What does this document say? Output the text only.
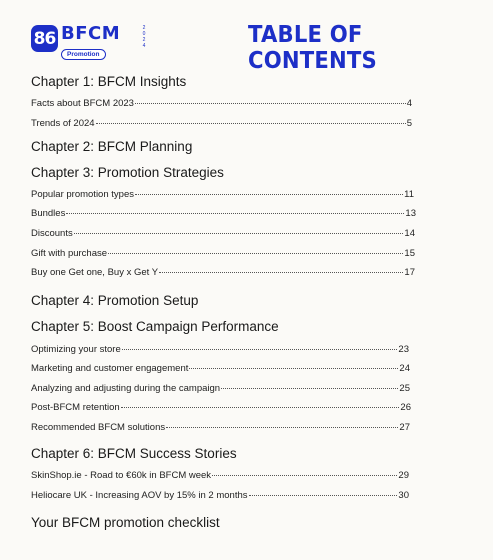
86 BFCM
Promotion
2
0
2
4	TABLE OF CONTENTS
Chapter 1: BFCM Insights
Facts about BFCM 2023	4
Trends of 2024	5
Chapter 2: BFCM Planning
Chapter 3: Promotion Strategies
Popular promotion types	11
Bundles	13
Discounts	14
Gift with purchase	15
Buy one Get one, Buy x Get Y	17
Chapter 4: Promotion Setup
Chapter 5: Boost Campaign Performance
Optimizing your store	23
Marketing and customer engagement	24
Analyzing and adjusting during the campaign	25
Post-BFCM retention	26
Recommended BFCM solutions	27
Chapter 6: BFCM Success Stories
SkinShop.ie - Road to €60k in BFCM week	29
Heliocare UK - Increasing AOV by 15% in 2 months	30
Your BFCM promotion checklist
